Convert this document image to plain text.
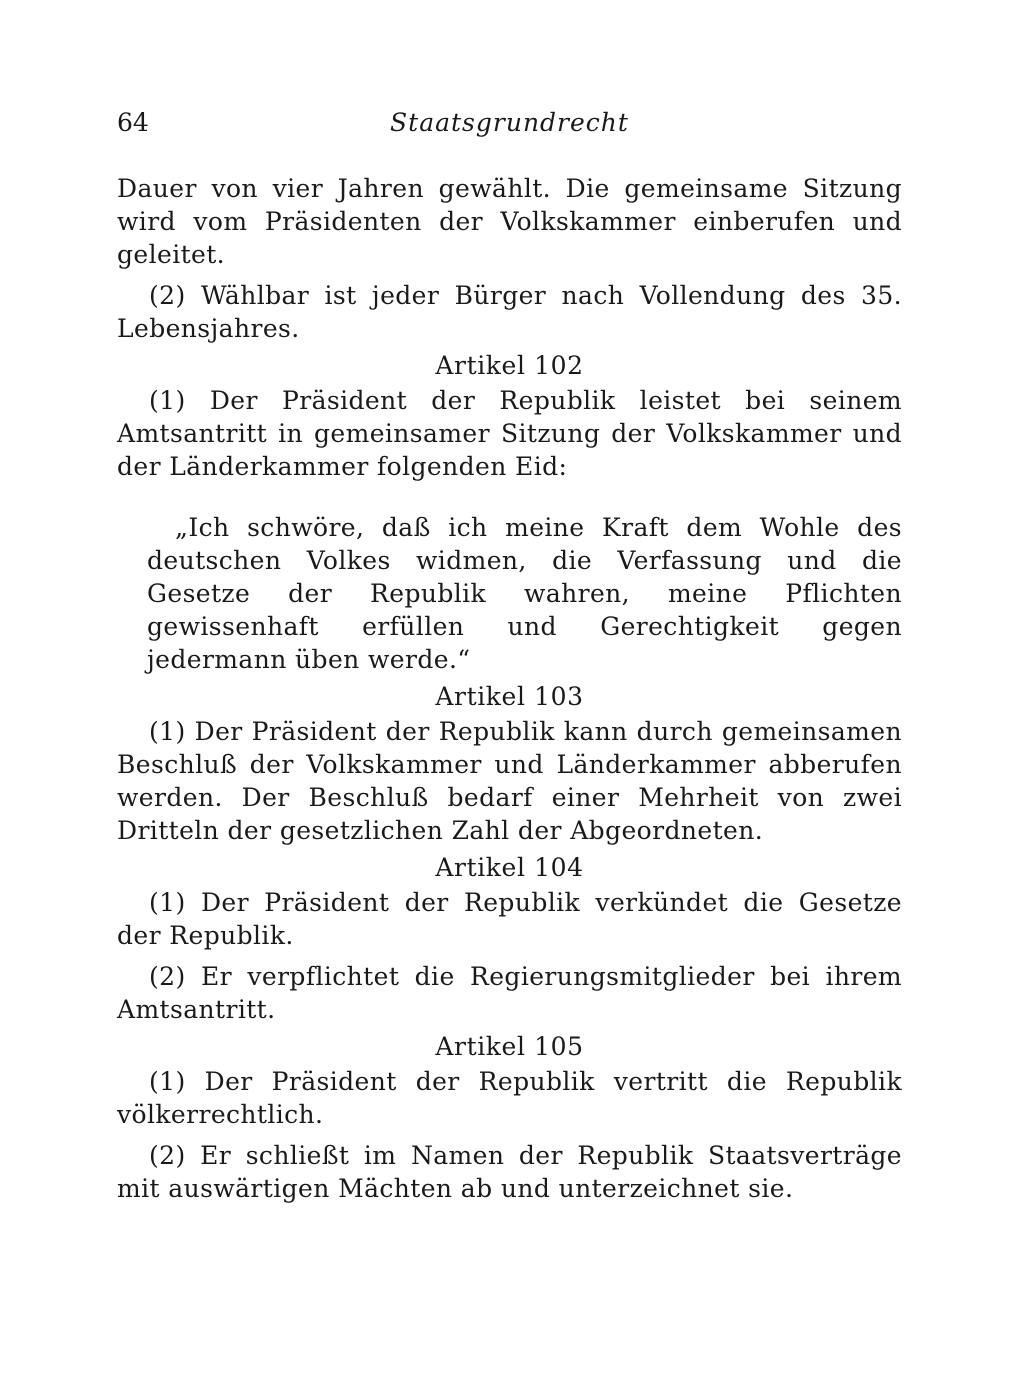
64	Staatsgrundrecht

Dauer von vier Jahren gewählt. Die gemeinsame Sitzung wird vom Präsidenten der Volkskammer einberufen und geleitet.

(2) Wählbar ist jeder Bürger nach Vollendung des 35. Lebensjahres.

Artikel 102

(1) Der Präsident der Republik leistet bei seinem Amtsantritt in gemeinsamer Sitzung der Volkskammer und der Länderkammer folgenden Eid:

„Ich schwöre, daß ich meine Kraft dem Wohle des deutschen Volkes widmen, die Verfassung und die Gesetze der Republik wahren, meine Pflichten gewissenhaft erfüllen und Gerechtigkeit gegen jedermann üben werde.“

Artikel 103

(1) Der Präsident der Republik kann durch gemeinsamen Beschluß der Volkskammer und Länderkammer abberufen werden. Der Beschluß bedarf einer Mehrheit von zwei Dritteln der gesetzlichen Zahl der Abgeordneten.

Artikel 104

(1) Der Präsident der Republik verkündet die Gesetze der Republik.

(2) Er verpflichtet die Regierungsmitglieder bei ihrem Amtsantritt.

Artikel 105

(1) Der Präsident der Republik vertritt die Republik völkerrechtlich.

(2) Er schließt im Namen der Republik Staatsverträge mit auswärtigen Mächten ab und unterzeichnet sie.
